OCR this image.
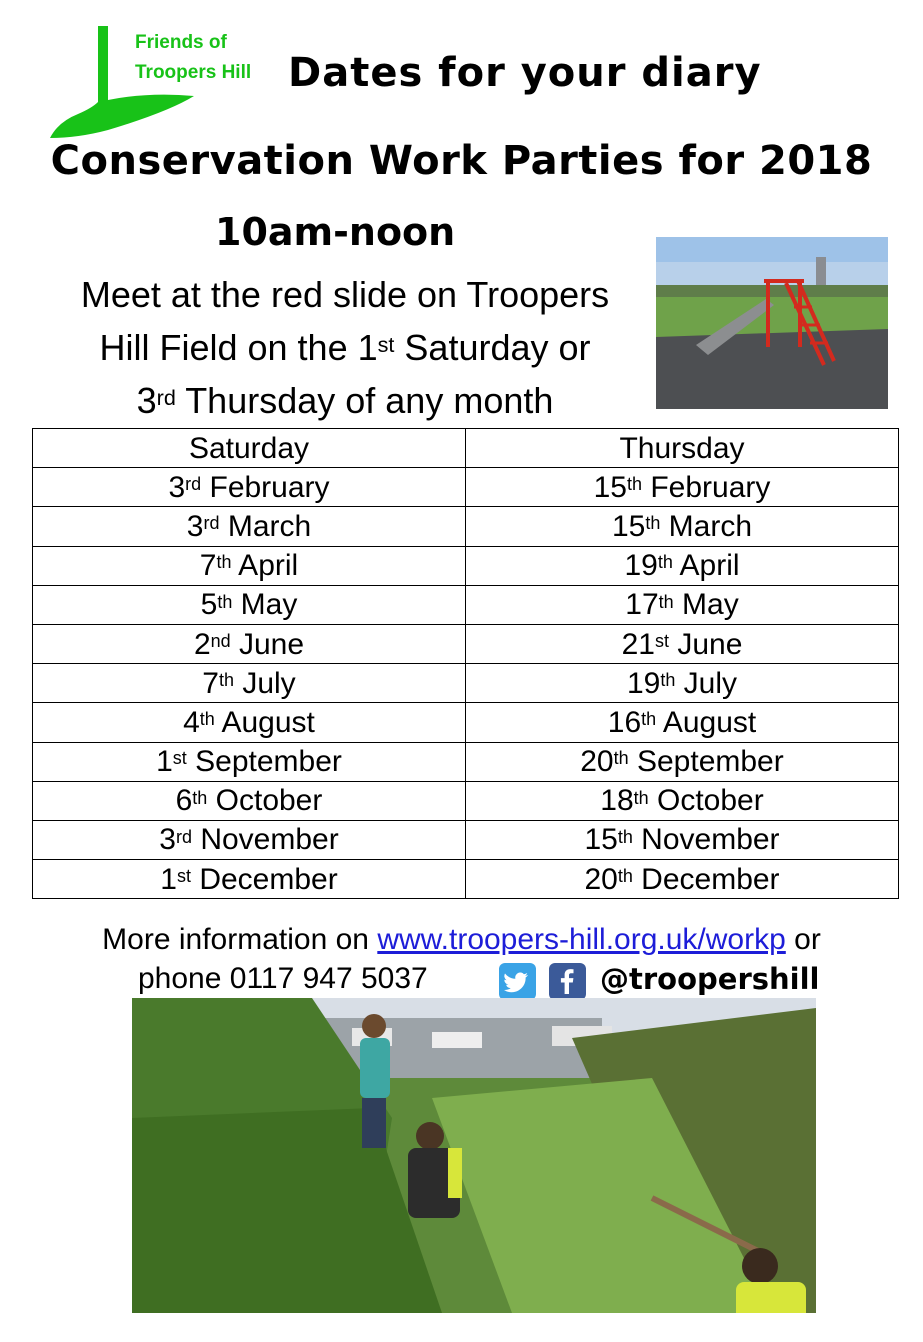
Friends of
Troopers Hill Dates for your diary
Conservation Work Parties for 2018
10am-noon
Meet at the red slide on Troopers
Hill Field on the 1st Saturday or
3rd Thursday of any month
Saturday	Thursday
3rd February	15th February
3rd March	15th March
7th April	19th April
5th May	17th May
2nd June	21st June
7th July	19th July
4th August	16th August
1st September	20th September
6th October	18th October
3rd November	15th November
1st December	20th December
More information on www.troopers-hill.org.uk/workp or
phone 0117 947 5037	@troopershill
